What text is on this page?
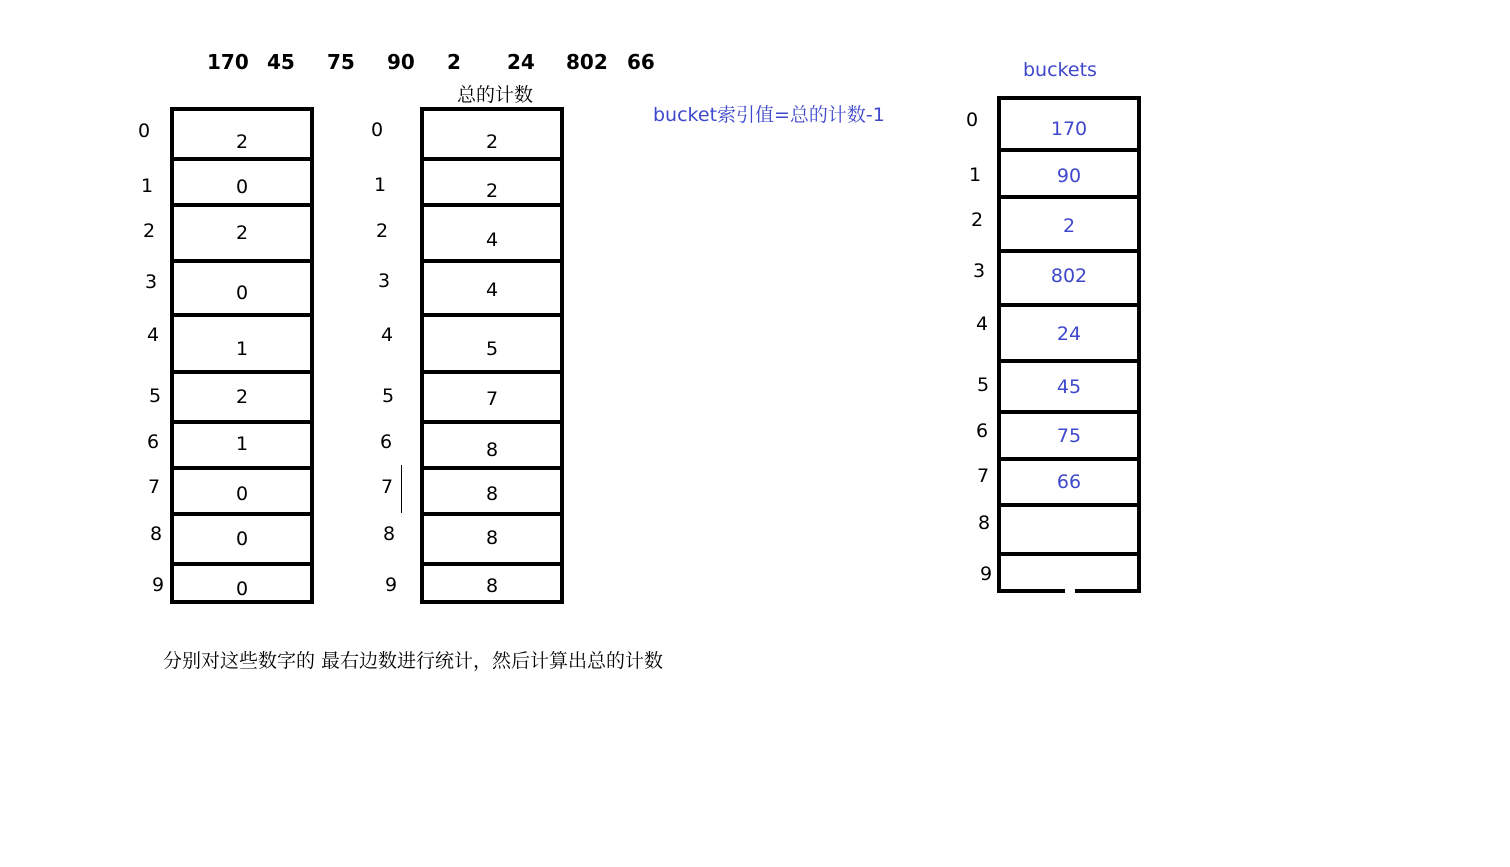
170 45 75 90 2 24 802 66
总的计数
bucket索引值=总的计数-1
buckets
分别对这些数字的 最右边数进行统计，然后计算出总的计数
2
0
2
0
1
2
1
0
0
0
0
1
2
3
4
5
6
7
8
9
2
2
4
4
5
7
8
8
8
8
0
1
2
3
4
5
6
7
8
9
170
90
2
802
24
45
75
66
0
1
2
3
4
5
6
7
8
9
